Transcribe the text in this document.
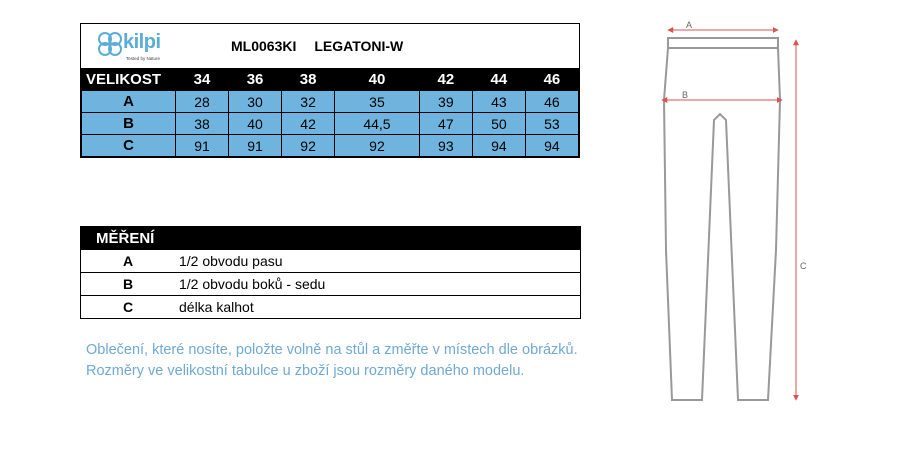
kilpi
Tested by Nature
ML0063KI LEGATONI-W
VELIKOST	34	36	38	40	42	44	46
A	28	30	32	35	39	43	46
B	38	40	42	44,5	47	50	53
C	91	91	92	92	93	94	94
MĚŘENÍ	
A	1/2 obvodu pasu
B	1/2 obvodu boků - sedu
C	délka kalhot
Oblečení, které nosíte, položte volně na stůl a změřte v místech dle obrázků.
Rozměry ve velikostní tabulce u zboží jsou rozměry daného modelu.
A
B
C
